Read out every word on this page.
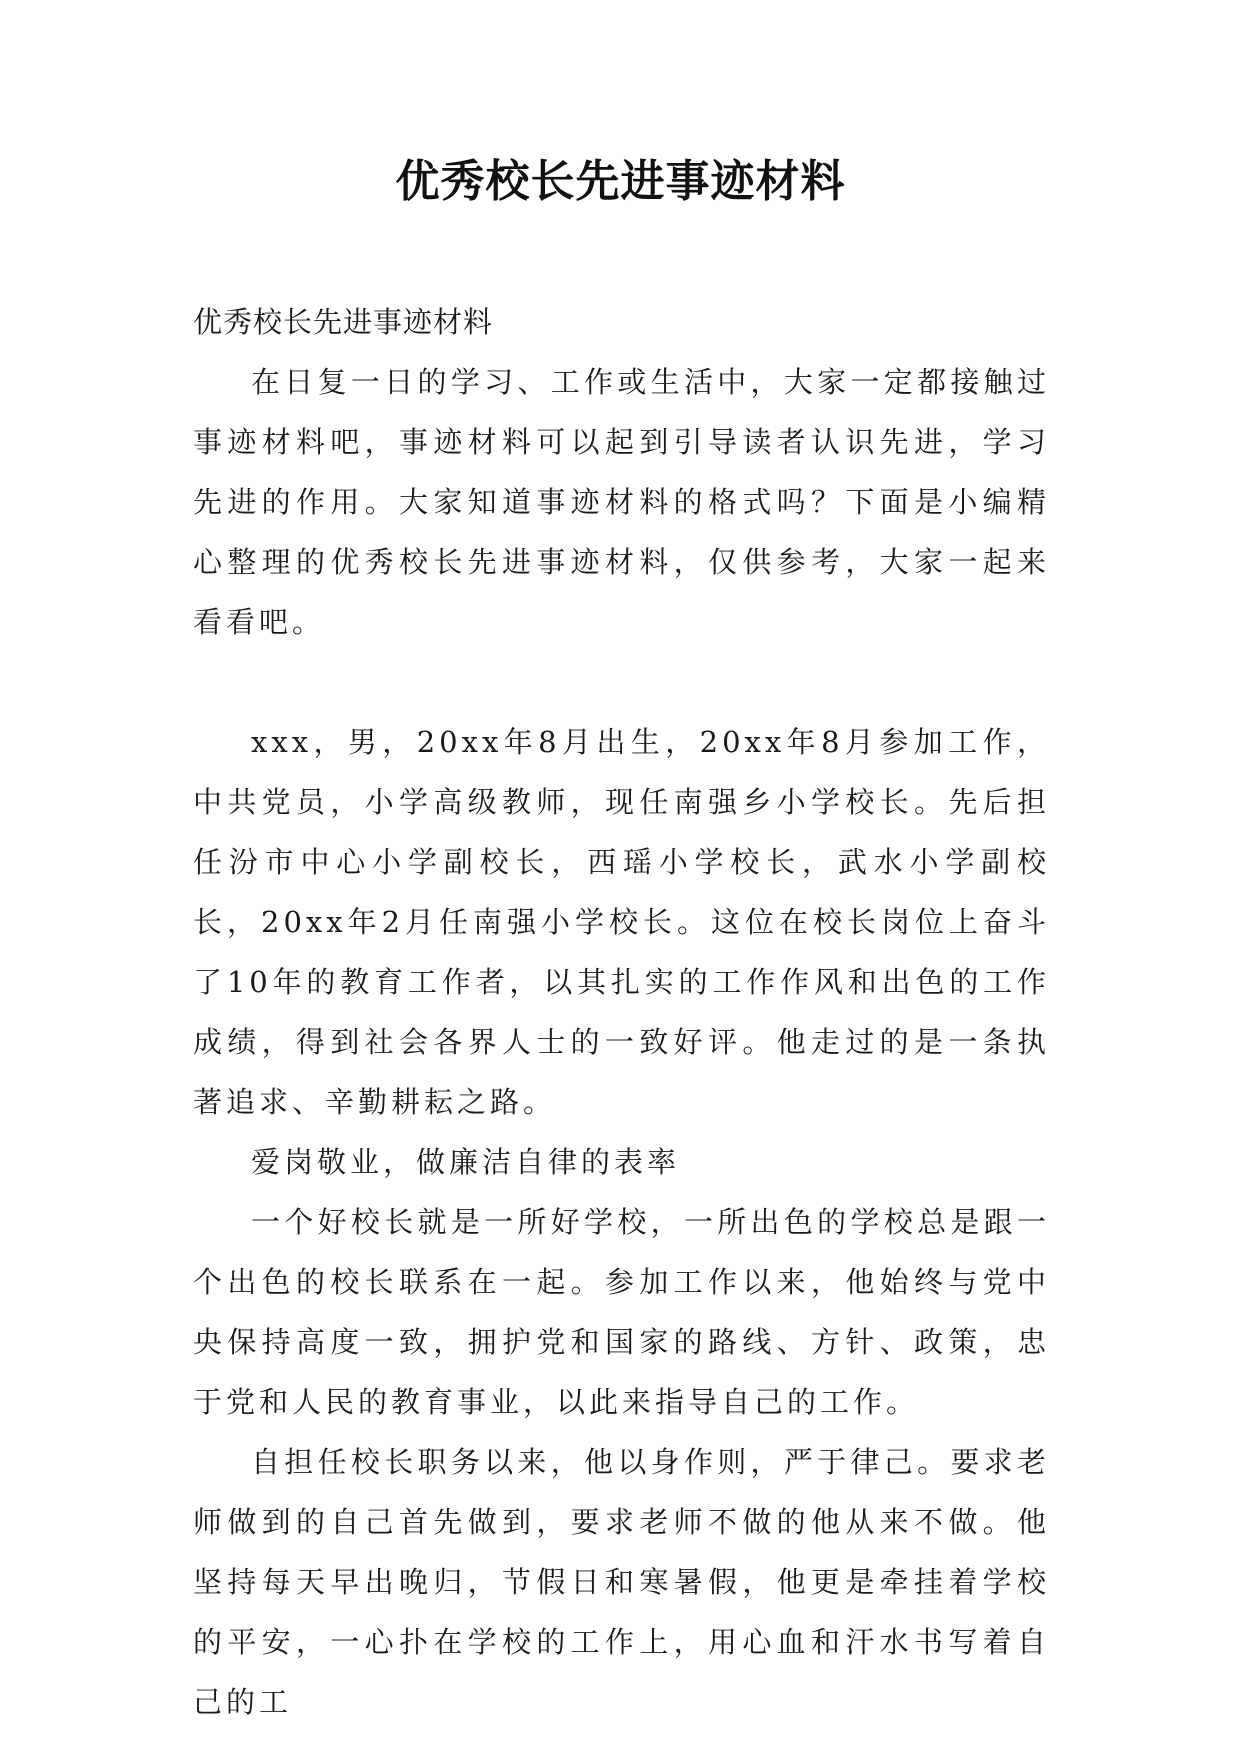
优秀校长先进事迹材料

优秀校长先进事迹材料

在日复一日的学习、工作或生活中，大家一定都接触过事迹材料吧，事迹材料可以起到引导读者认识先进，学习先进的作用。大家知道事迹材料的格式吗？下面是小编精心整理的优秀校长先进事迹材料，仅供参考，大家一起来看看吧。

xxx，男，20xx年8月出生，20xx年8月参加工作，中共党员，小学高级教师，现任南强乡小学校长。先后担任汾市中心小学副校长，西瑶小学校长，武水小学副校长，20xx年2月任南强小学校长。这位在校长岗位上奋斗了10年的教育工作者，以其扎实的工作作风和出色的工作成绩，得到社会各界人士的一致好评。他走过的是一条执著追求、辛勤耕耘之路。

爱岗敬业，做廉洁自律的表率

一个好校长就是一所好学校，一所出色的学校总是跟一个出色的校长联系在一起。参加工作以来，他始终与党中央保持高度一致，拥护党和国家的路线、方针、政策，忠于党和人民的教育事业，以此来指导自己的工作。

自担任校长职务以来，他以身作则，严于律己。要求老师做到的自己首先做到，要求老师不做的他从来不做。他坚持每天早出晚归，节假日和寒暑假，他更是牵挂着学校的平安，一心扑在学校的工作上，用心血和汗水书写着自己的工
